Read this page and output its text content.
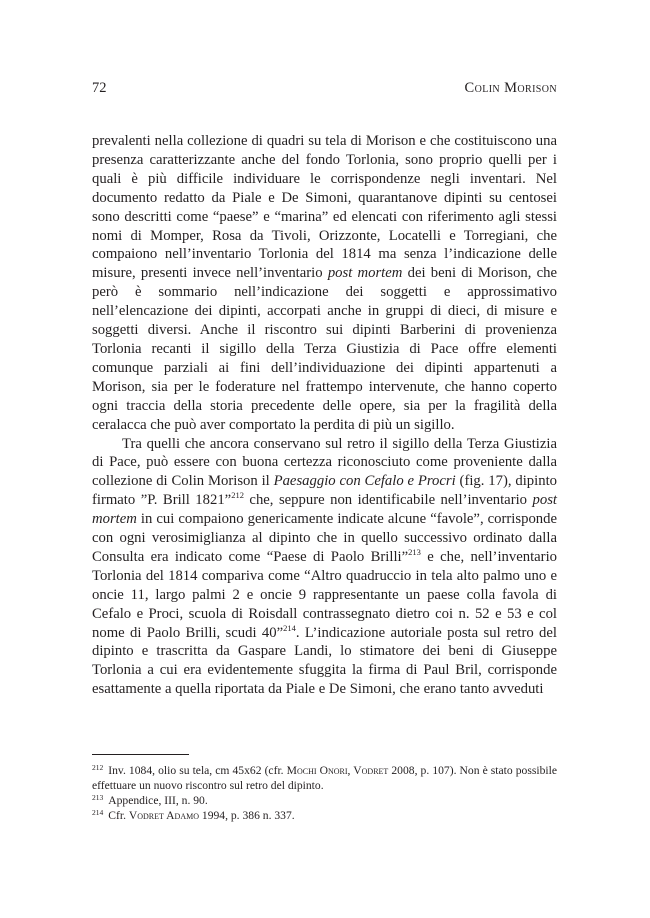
72	Colin Morison

prevalenti nella collezione di quadri su tela di Morison e che costituiscono una presenza caratterizzante anche del fondo Torlonia, sono proprio quelli per i quali è più difficile individuare le corrispondenze negli inventari. Nel documento redatto da Piale e De Simoni, quarantanove dipinti su centosei sono descritti come “paese” e “marina” ed elencati con riferimento agli stessi nomi di Momper, Rosa da Tivoli, Orizzonte, Locatelli e Torregiani, che compaiono nell’inventario Torlonia del 1814 ma senza l’indicazione delle misure, presenti invece nell’inventario post mortem dei beni di Morison, che però è sommario nell’indicazione dei soggetti e approssimativo nell’elencazione dei dipinti, accorpati anche in gruppi di dieci, di misure e soggetti diversi. Anche il riscontro sui dipinti Barberini di provenienza Torlonia recanti il sigillo della Terza Giustizia di Pace offre elementi comunque parziali ai fini dell’individuazione dei dipinti appartenuti a Morison, sia per le foderature nel frattempo intervenute, che hanno coperto ogni traccia della storia precedente delle opere, sia per la fragilità della ceralacca che può aver comportato la perdita di più un sigillo.

Tra quelli che ancora conservano sul retro il sigillo della Terza Giustizia di Pace, può essere con buona certezza riconosciuto come proveniente dalla collezione di Colin Morison il Paesaggio con Cefalo e Procri (fig. 17), dipinto firmato ”P. Brill 1821”$^{212}$ che, seppure non identificabile nell’inventario post mortem in cui compaiono genericamente indicate alcune “favole”, corrisponde con ogni verosimiglianza al dipinto che in quello successivo ordinato dalla Consulta era indicato come “Paese di Paolo Brilli”$^{213}$ e che, nell’inventario Torlonia del 1814 compariva come “Altro quadruccio in tela alto palmo uno e oncie 11, largo palmi 2 e oncie 9 rappresentante un paese colla favola di Cefalo e Proci, scuola di Roisdall contrassegnato dietro coi n. 52 e 53 e col nome di Paolo Brilli, scudi 40”$^{214}$. L’indicazione autoriale posta sul retro del dipinto e trascritta da Gaspare Landi, lo stimatore dei beni di Giuseppe Torlonia a cui era evidentemente sfuggita la firma di Paul Bril, corrisponde esattamente a quella riportata da Piale e De Simoni, che erano tanto avveduti

$^{212}$ Inv. 1084, olio su tela, cm 45x62 (cfr. Mochi Onori, Vodret 2008, p. 107). Non è stato possibile effettuare un nuovo riscontro sul retro del dipinto.

$^{213}$ Appendice, III, n. 90.

$^{214}$ Cfr. Vodret Adamo 1994, p. 386 n. 337.
